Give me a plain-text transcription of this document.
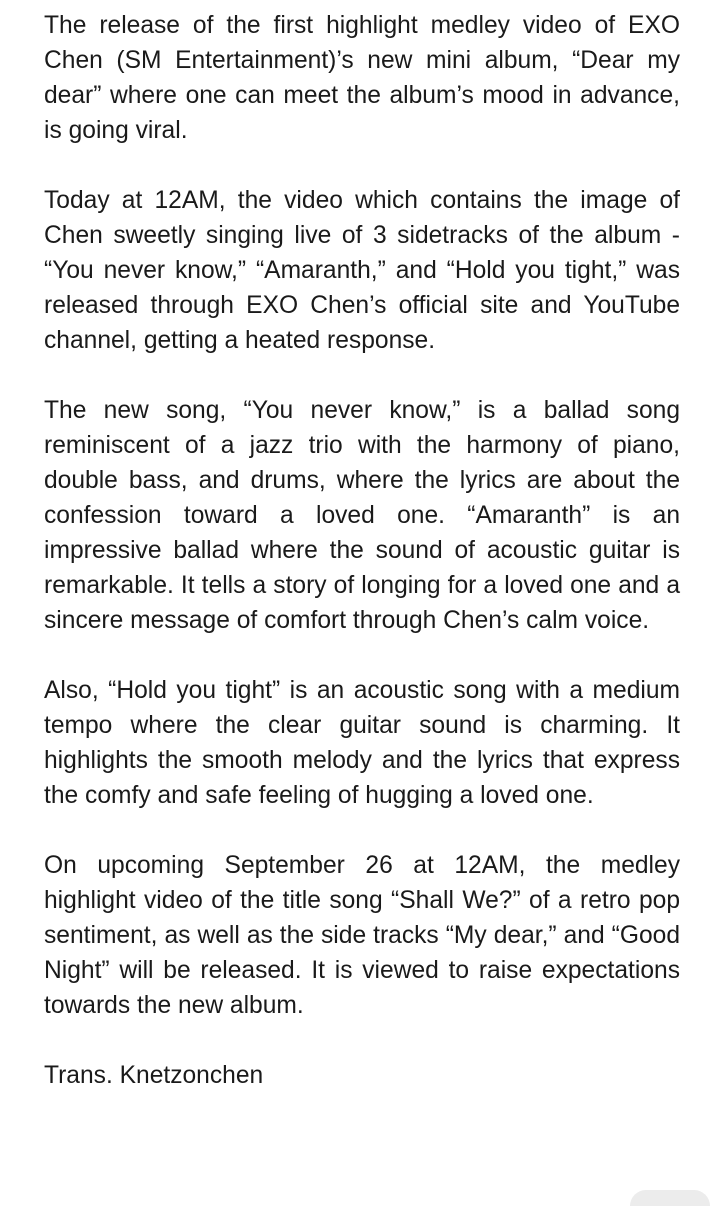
The release of the first highlight medley video of EXO Chen (SM Entertainment)’s new mini album, “Dear my dear” where one can meet the album’s mood in advance, is going viral.

Today at 12AM, the video which contains the image of Chen sweetly singing live of 3 sidetracks of the album - “You never know,” “Amaranth,” and “Hold you tight,” was released through EXO Chen’s official site and YouTube channel, getting a heated response.

The new song, “You never know,” is a ballad song reminiscent of a jazz trio with the harmony of piano, double bass, and drums, where the lyrics are about the confession toward a loved one. “Amaranth” is an impressive ballad where the sound of acoustic guitar is remarkable. It tells a story of longing for a loved one and a sincere message of comfort through Chen’s calm voice.

Also, “Hold you tight” is an acoustic song with a medium tempo where the clear guitar sound is charming. It highlights the smooth melody and the lyrics that express the comfy and safe feeling of hugging a loved one.

On upcoming September 26 at 12AM, the medley highlight video of the title song “Shall We?” of a retro pop sentiment, as well as the side tracks “My dear,” and “Good Night” will be released. It is viewed to raise expectations towards the new album.

Trans. Knetzonchen
